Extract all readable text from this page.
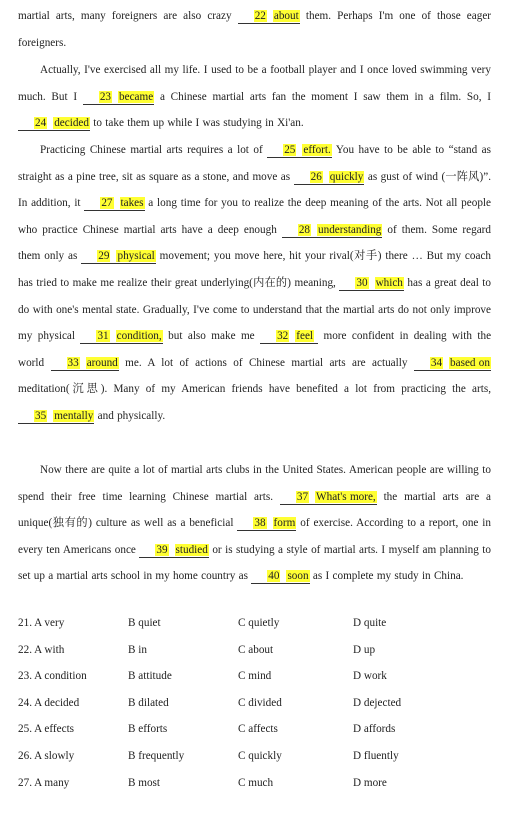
martial arts, many foreigners are also crazy 22 about them. Perhaps I'm one of those eager foreigners.
Actually, I've exercised all my life. I used to be a football player and I once loved swimming very much. But I 23 became a Chinese martial arts fan the moment I saw them in a film. So, I 24 decided to take them up while I was studying in Xi'an.
Practicing Chinese martial arts requires a lot of 25 effort. You have to be able to “stand as straight as a pine tree, sit as square as a stone, and move as 26 quickly as gust of wind (一阵风)”. In addition, it 27 takes a long time for you to realize the deep meaning of the arts. Not all people who practice Chinese martial arts have a deep enough 28 understanding of them. Some regard them only as 29 physical movement; you move here, hit your rival(对手) there … But my coach has tried to make me realize their great underlying(内在的) meaning, 30 which has a great deal to do with one's mental state. Gradually, I've come to understand that the martial arts do not only improve my physical 31 condition, but also make me 32 feel more confident in dealing with the world 33 around me. A lot of actions of Chinese martial arts are actually 34 based on meditation(沉思). Many of my American friends have benefited a lot from practicing the arts, 35 mentally and physically.
Now there are quite a lot of martial arts clubs in the United States. American people are willing to spend their free time learning Chinese martial arts. 37 What's more, the martial arts are a unique(独有的) culture as well as a beneficial 38 form of exercise. According to a report, one in every ten Americans once 39 studied or is studying a style of martial arts. I myself am planning to set up a martial arts school in my home country as 40 soon as I complete my study in China.
21. A very	B quiet	C quietly	D quite
22. A with	B in	C about	D up
23. A condition	B attitude	C mind	D work
24. A decided	B dilated	C divided	D dejected
25. A effects	B efforts	C affects	D affords
26. A slowly	B frequently	C quickly	D fluently
27. A many	B most	C much	D more
